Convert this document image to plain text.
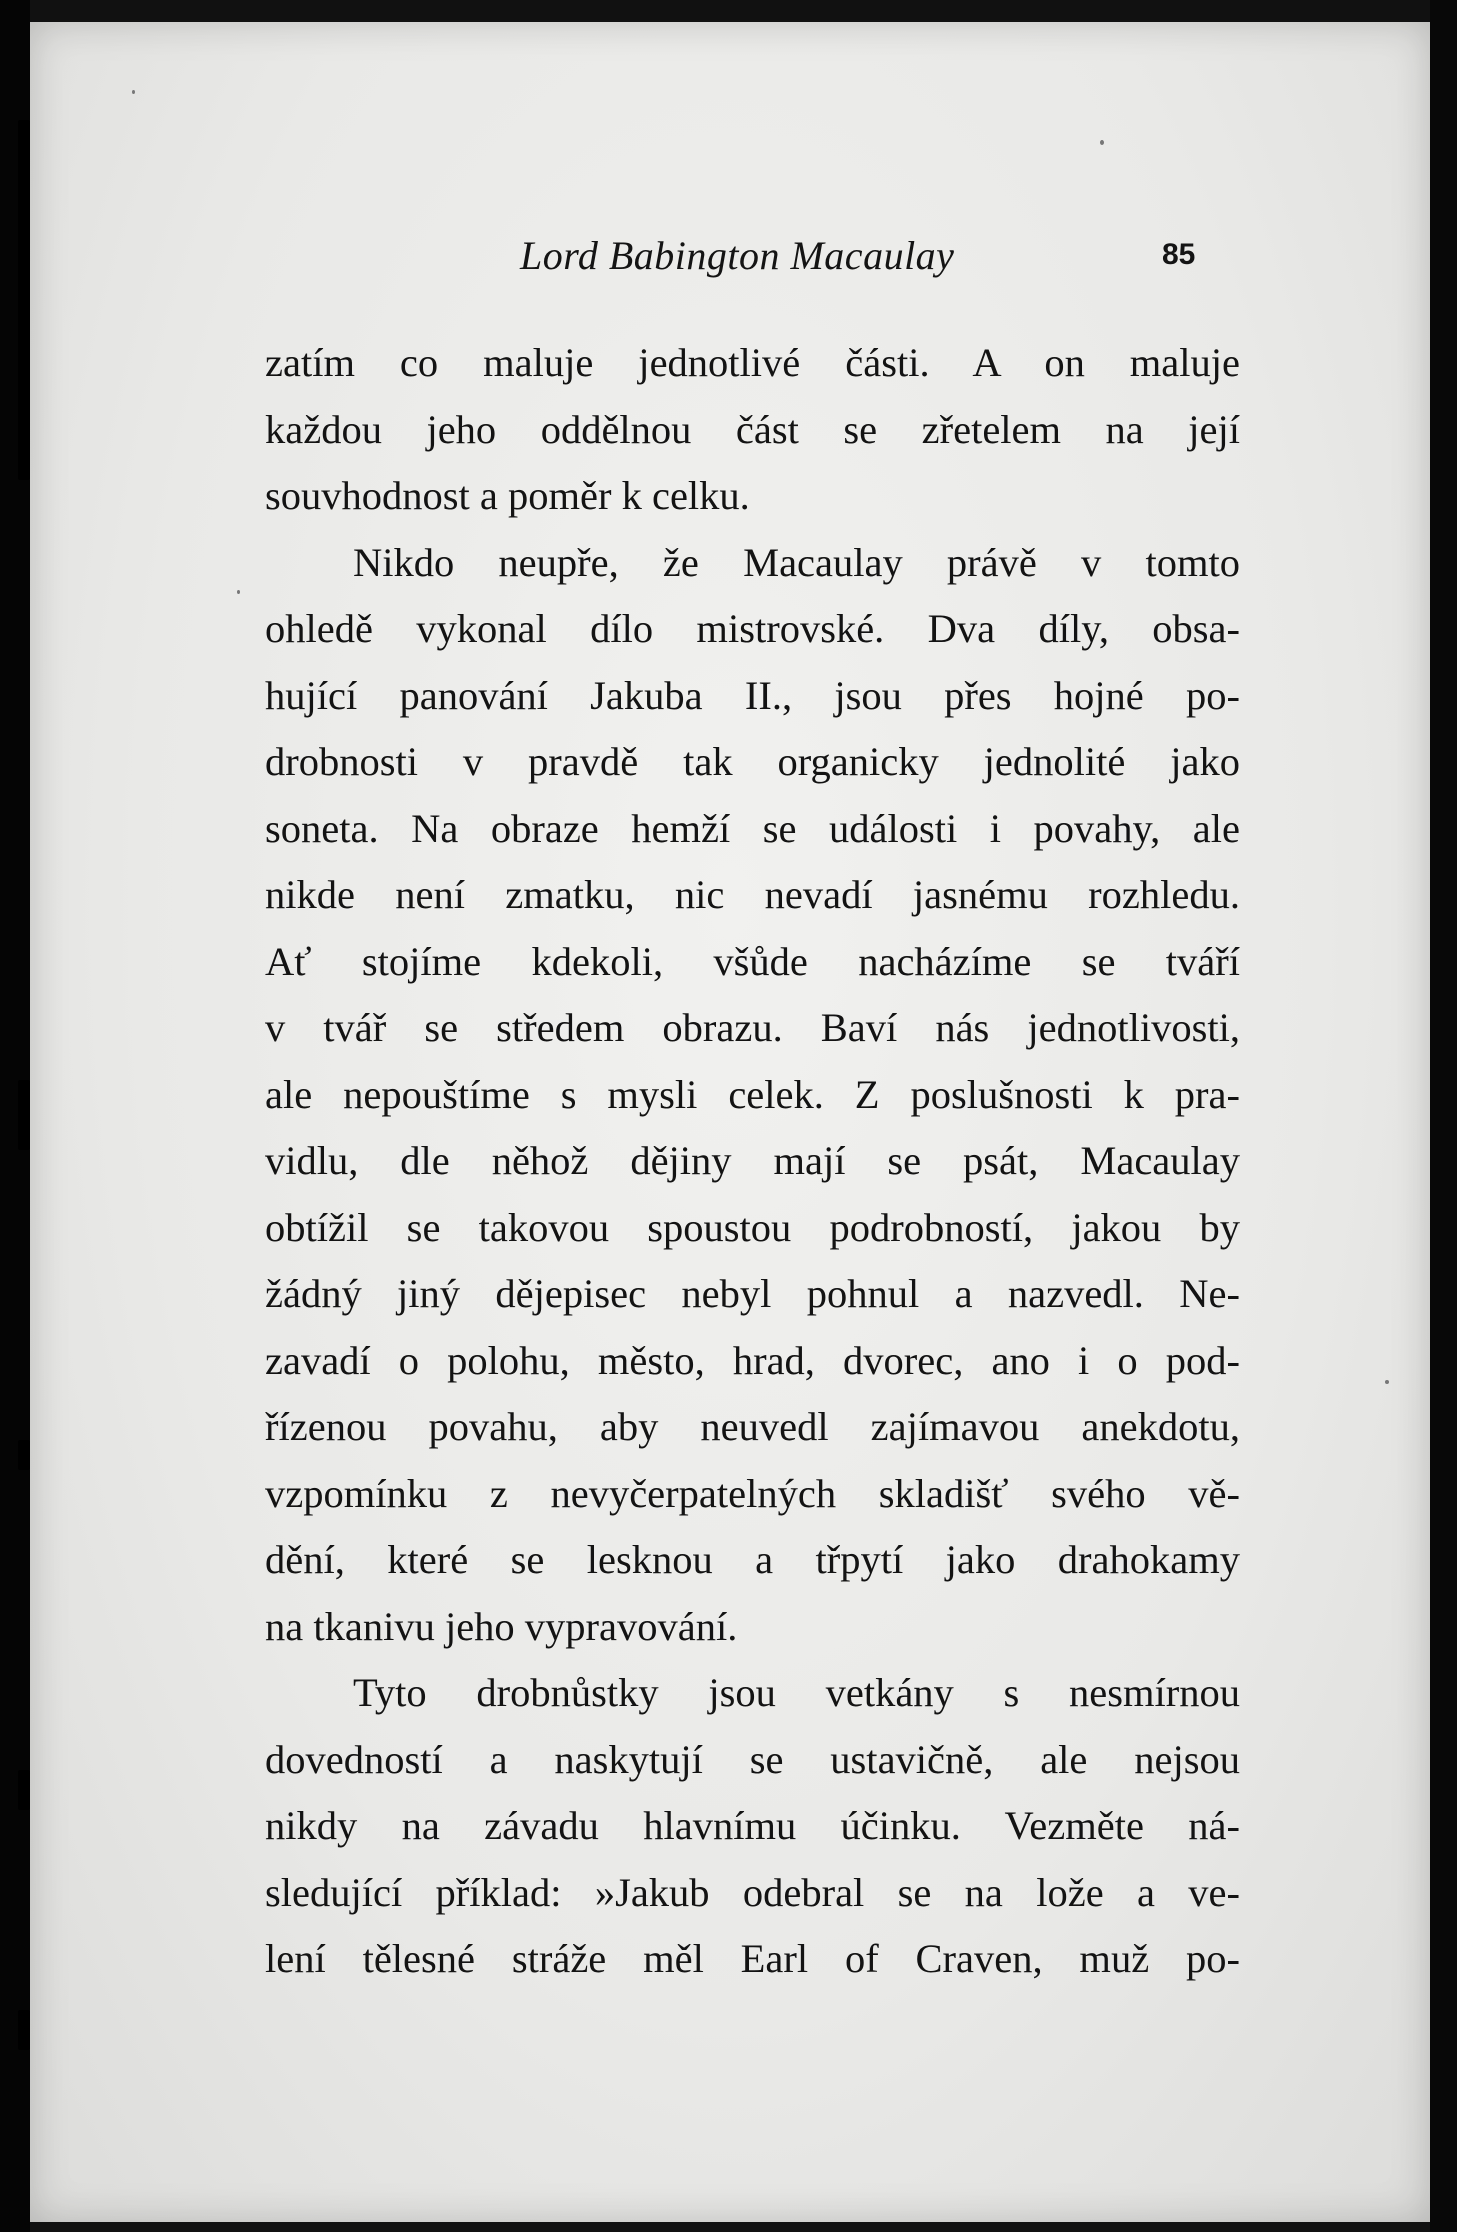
Lord Babington Macaulay	85
zatím co maluje jednotlivé části. A on maluje
každou jeho oddělnou část se zřetelem na její
souvhodnost a poměr k celku.
Nikdo neupře, že Macaulay právě v tomto
ohledě vykonal dílo mistrovské. Dva díly, obsa-
hující panování Jakuba II., jsou přes hojné po-
drobnosti v pravdě tak organicky jednolité jako
soneta. Na obraze hemží se události i povahy, ale
nikde není zmatku, nic nevadí jasnému rozhledu.
Ať stojíme kdekoli, všůde nacházíme se tváří
v tvář se středem obrazu. Baví nás jednotlivosti,
ale nepouštíme s mysli celek. Z poslušnosti k pra-
vidlu, dle něhož dějiny mají se psát, Macaulay
obtížil se takovou spoustou podrobností, jakou by
žádný jiný dějepisec nebyl pohnul a nazvedl. Ne-
zavadí o polohu, město, hrad, dvorec, ano i o pod-
řízenou povahu, aby neuvedl zajímavou anekdotu,
vzpomínku z nevyčerpatelných skladišť svého vě-
dění, které se lesknou a třpytí jako drahokamy
na tkanivu jeho vypravování.
Tyto drobnůstky jsou vetkány s nesmírnou
dovedností a naskytují se ustavičně, ale nejsou
nikdy na závadu hlavnímu účinku. Vezměte ná-
sledující příklad: »Jakub odebral se na lože a ve-
lení tělesné stráže měl Earl of Craven, muž po-
